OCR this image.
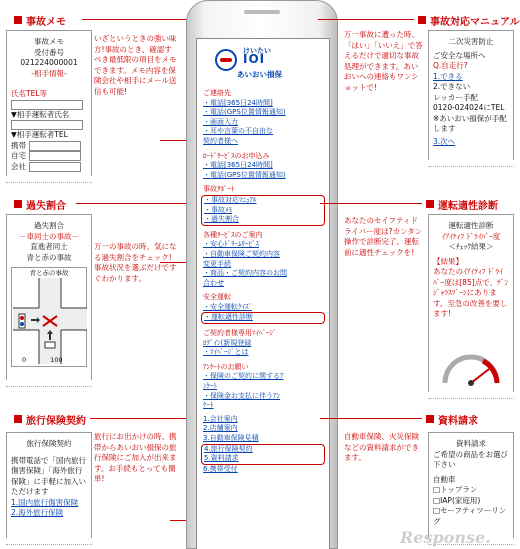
事故メモ
事故メモ
受付番号
021224000001
-相手情報-
氏名TEL等
▼相手運転者氏名
▼相手運転者TEL
携帯
自宅
会社
いざというときの強い味方!事故のとき、確認すべき最低限の項目をメモできます。メモ内容を保険会社や相手にメール送信も可能!
過失割合
過失割合
－車同士の事故－
直進者同士
青と赤の事故
青と赤の事故
0	100
万一の事故の時、気になる過失割合をチェック!事故状況を選ぶだけですぐわかります。
旅行保険契約
旅行保険契約
携帯電話で「国内旅行傷害保険」「海外旅行保険」に手軽に加入いただけます
1.国内旅行傷害保険
2.海外旅行保険
旅行にお出かけの時、携帯からあいおい損保の旅行保険にご加入が出来ます。お手続もとっても簡単!
けいたい
IOI
あいおい損保
ご連絡先
・電話[365日24時間]
・電話(GPS位置情報通知)
・画面入力
・耳や言葉の不自由な
契約者様へ
ﾛｰﾄﾞｻｰﾋﾞｽのお申込み
・電話[365日24時間]
・電話(GPS位置情報通知)
事故ｻﾎﾟｰﾄ
・事故対応ﾏﾆｭｱﾙ
・事故ﾒﾓ
・過失割合
各種ｻｰﾋﾞｽのご案内
・安心ﾄﾞﾘｰﾑｻｰﾋﾞｽ
・自動車保険ご契約内容
変更手続
・商品・ご契約内容のお問
合わせ
安全運転
・安全運転ｸｲｽﾞ
・運転適性診断
ご契約者様専用ﾏｲﾍﾟｰｼﾞ
ﾛｸﾞｲﾝ(新規登録
・ﾏｲﾍﾟｰｼﾞとは
ｱﾝｹｰﾄのお願い
・保険のご契約に関するｱ
ﾝｹｰﾄ
・保険金お支払に伴うｱﾝ
ｹｰﾄ
1.会社案内
2.店舗案内
3.自動車保険見積
4.旅行保険契約
5.資料請求
6.携帯受付
事故対応マニュアル
万一事故に遭った時、「はい」「いいえ」で答えるだけで適切な事故処理ができます。あいおいへの連絡もワンショットで!
二次災害防止
ご安全な場所へ
Q.自走行?
1.できる
2.できない
レッカー手配
0120-024024にTEL
※あいおい損保が手配します
3.次へ
運転適性診断
あなたのセイフティドライバー度は?カンタン操作で診断完了。運転前に適性チェックを!
運転適性診断
ｲｱｲﾃｨﾌ ﾄﾞﾗｲﾊﾞｰ度
＜ﾁｪｯｸ結果＞
【結果】
あなたのｲｱｲﾃｨﾌ ﾄﾞﾗｲﾊﾞｰ度は[85]点で、ﾃﾞﾝｼﾞｬﾗｽｿﾞｰﾝにあります。至急の改善を要します!
資料請求
自動車保険、火災保険などの資料請求ができます。
資料請求
ご希望の商品をお選び下さい
自動車
□トップラン
□IAP(家庭用)
□セーフティツーリング
Response.
